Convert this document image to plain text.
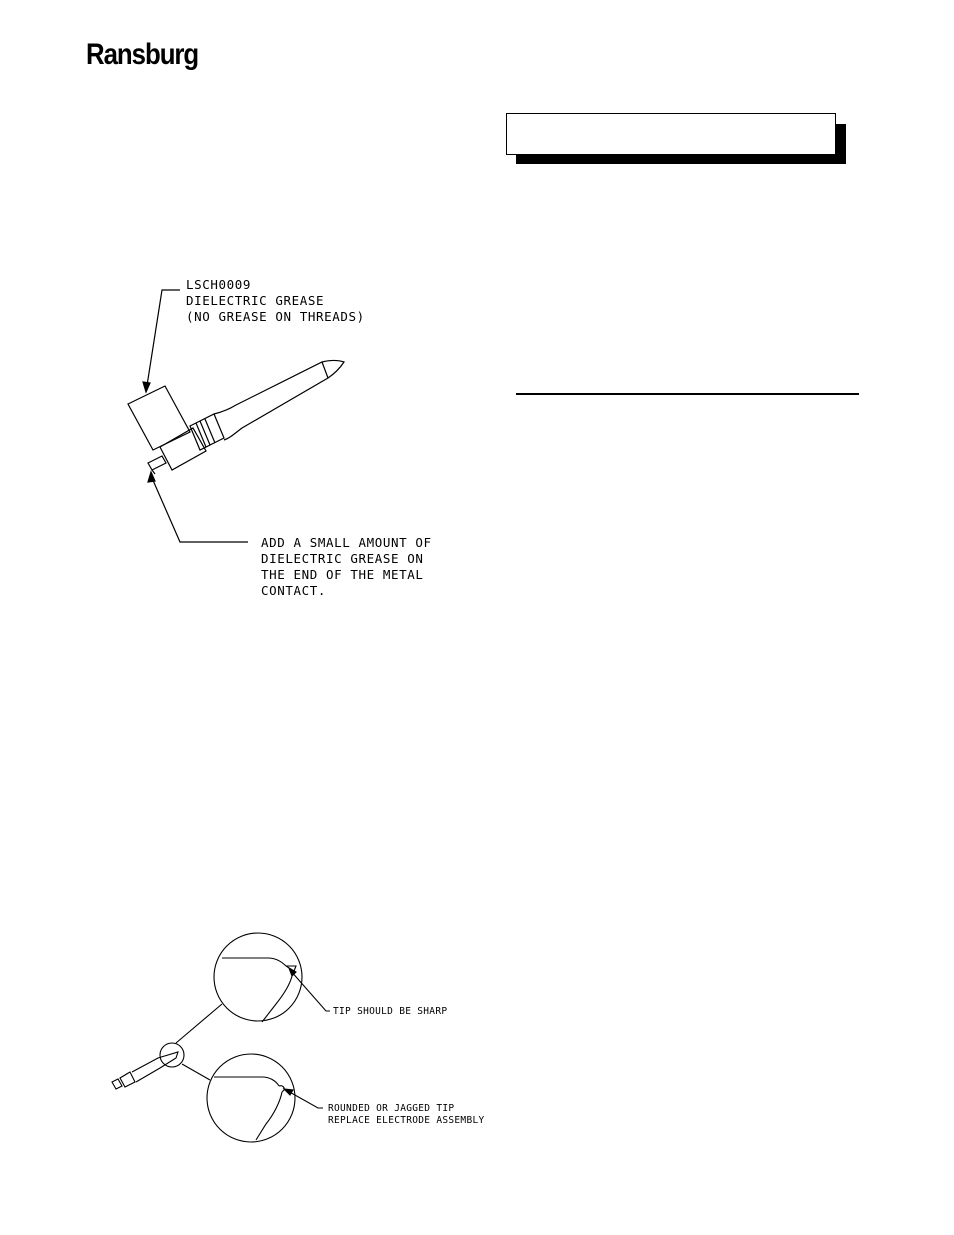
Ransburg
LSCH0009
DIELECTRIC GREASE
(NO GREASE ON THREADS)
ADD A SMALL AMOUNT OF
DIELECTRIC GREASE ON
THE END OF THE METAL
CONTACT.
TIP SHOULD BE SHARP
ROUNDED OR JAGGED TIP
REPLACE ELECTRODE ASSEMBLY
